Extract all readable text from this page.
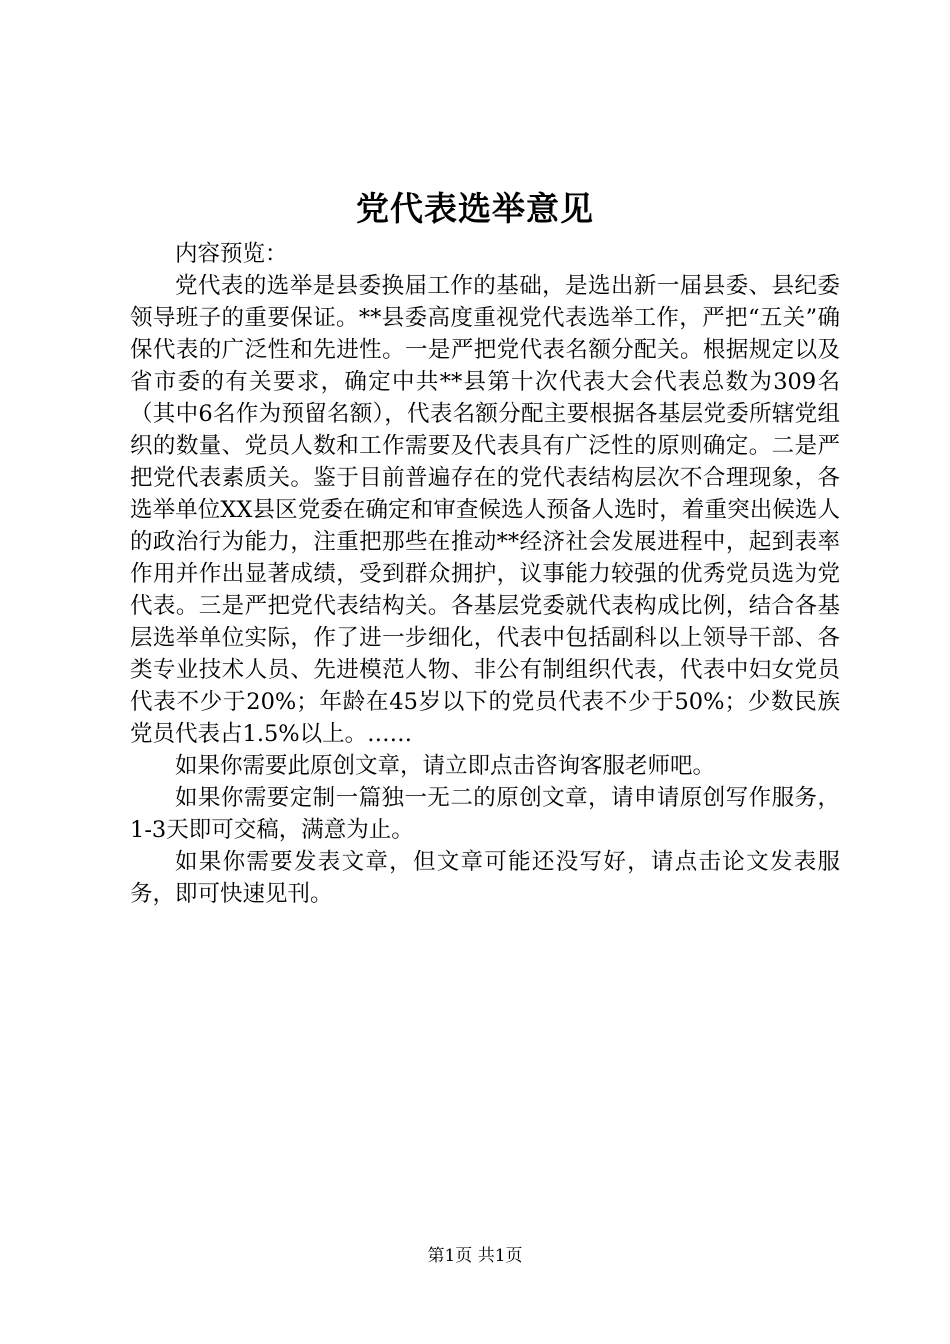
党代表选举意见

内容预览：

党代表的选举是县委换届工作的基础，是选出新一届县委、县纪委领导班子的重要保证。**县委高度重视党代表选举工作，严把“五关”确保代表的广泛性和先进性。一是严把党代表名额分配关。根据规定以及省市委的有关要求，确定中共**县第十次代表大会代表总数为309名（其中6名作为预留名额），代表名额分配主要根据各基层党委所辖党组织的数量、党员人数和工作需要及代表具有广泛性的原则确定。二是严把党代表素质关。鉴于目前普遍存在的党代表结构层次不合理现象，各选举单位XX县区党委在确定和审查候选人预备人选时，着重突出候选人的政治行为能力，注重把那些在推动**经济社会发展进程中，起到表率作用并作出显著成绩，受到群众拥护，议事能力较强的优秀党员选为党代表。三是严把党代表结构关。各基层党委就代表构成比例，结合各基层选举单位实际，作了进一步细化，代表中包括副科以上领导干部、各类专业技术人员、先进模范人物、非公有制组织代表，代表中妇女党员代表不少于20%；年龄在45岁以下的党员代表不少于50%；少数民族党员代表占1.5%以上。……

如果你需要此原创文章，请立即点击咨询客服老师吧。

如果你需要定制一篇独一无二的原创文章，请申请原创写作服务，1-3天即可交稿，满意为止。

如果你需要发表文章，但文章可能还没写好，请点击论文发表服务，即可快速见刊。

第1页 共1页
